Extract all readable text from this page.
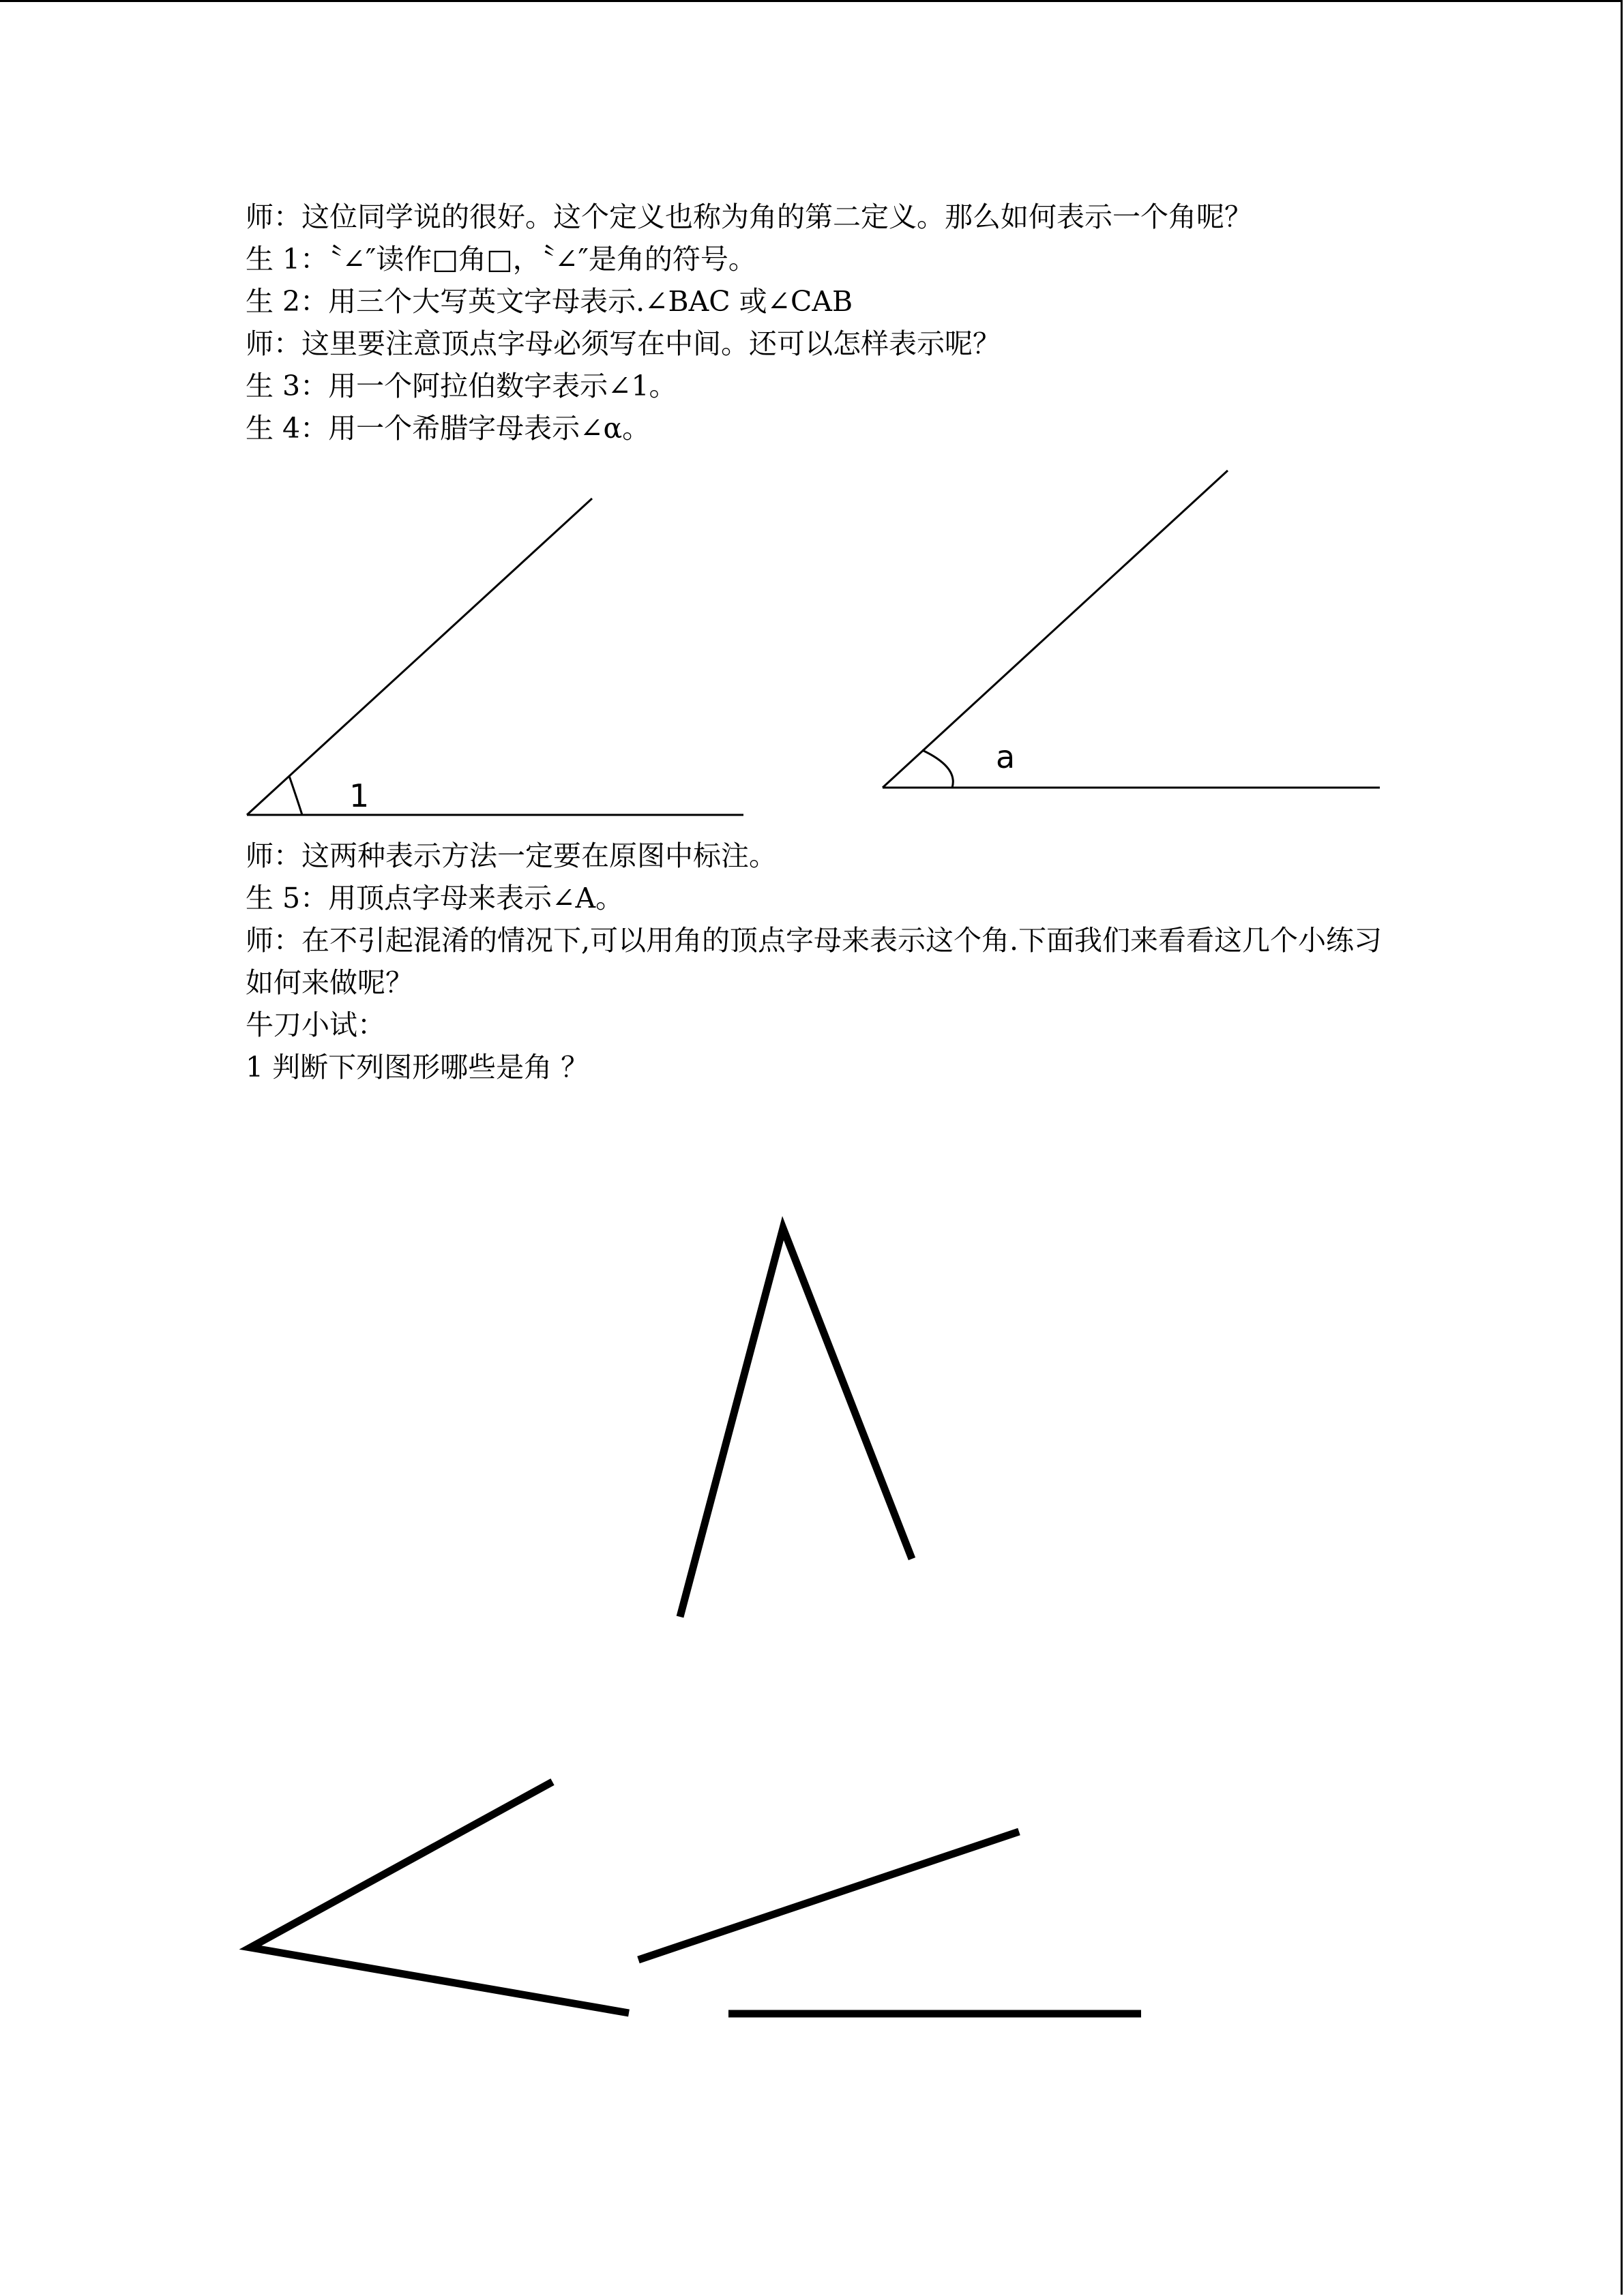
师：这位同学说的很好。这个定义也称为角的第二定义。那么如何表示一个角呢？

生 1：〝∠″读作□角□，〝∠″是角的符号。

生 2：用三个大写英文字母表示.∠BAC 或∠CAB

师：这里要注意顶点字母必须写在中间。还可以怎样表示呢？

生 3：用一个阿拉伯数字表示∠1。

生 4：用一个希腊字母表示∠α。

1
a

师：这两种表示方法一定要在原图中标注。

生 5：用顶点字母来表示∠A。

师：在不引起混淆的情况下,可以用角的顶点字母来表示这个角.下面我们来看看这几个小练习如何来做呢？

牛刀小试：

1 判断下列图形哪些是角 ？
